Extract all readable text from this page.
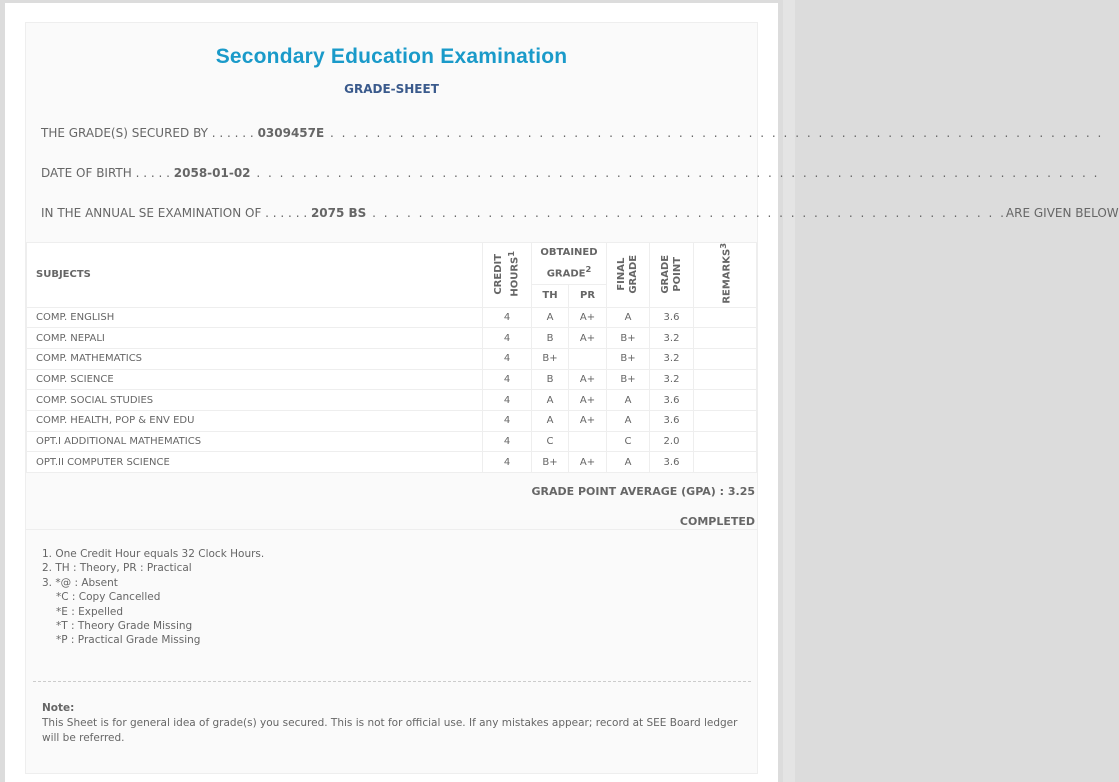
Secondary Education Examination
GRADE-SHEET
THE GRADE(S) SECURED BY . . . . . . 0309457E . . . . . . . . . . . . . . . . . . . . . . . . . . . . . . . . . . . . . . . . . . . . . . . . . . . . . . . . . . . . . . . . . . .
DATE OF BIRTH . . . . . 2058-01-02 . . . . . . . . . . . . . . . . . . . . . . . . . . . . . . . . . . . . . . . . . . . . . . . . . . . . . . . . . . . . . . . . . . . . . . . . .
IN THE ANNUAL SE EXAMINATION OF . . . . . . 2075 BS . . . . . . . . . . . . . . . . . . . . . . . . . . . . . . . . . . . . . . . . . . . . . . . . . . . . . . . ARE GIVEN BELOW
SUBJECTS	CREDIT HOURS$^1$	OBTAINED GRADE$^2$		FINAL GRADE	GRADE POINT	REMARKS$^3$
		TH	PR			
COMP. ENGLISH	4	A	A+	A	3.6	
COMP. NEPALI	4	B	A+	B+	3.2	
COMP. MATHEMATICS	4	B+		B+	3.2	
COMP. SCIENCE	4	B	A+	B+	3.2	
COMP. SOCIAL STUDIES	4	A	A+	A	3.6	
COMP. HEALTH, POP & ENV EDU	4	A	A+	A	3.6	
OPT.I ADDITIONAL MATHEMATICS	4	C		C	2.0	
OPT.II COMPUTER SCIENCE	4	B+	A+	A	3.6	
GRADE POINT AVERAGE (GPA) : 3.25
COMPLETED
1. One Credit Hour equals 32 Clock Hours.
2. TH : Theory, PR : Practical
3. *@ : Absent
*C : Copy Cancelled
*E : Expelled
*T : Theory Grade Missing
*P : Practical Grade Missing
Note:
This Sheet is for general idea of grade(s) you secured. This is not for official use. If any mistakes appear; record at SEE Board ledger will be referred.
